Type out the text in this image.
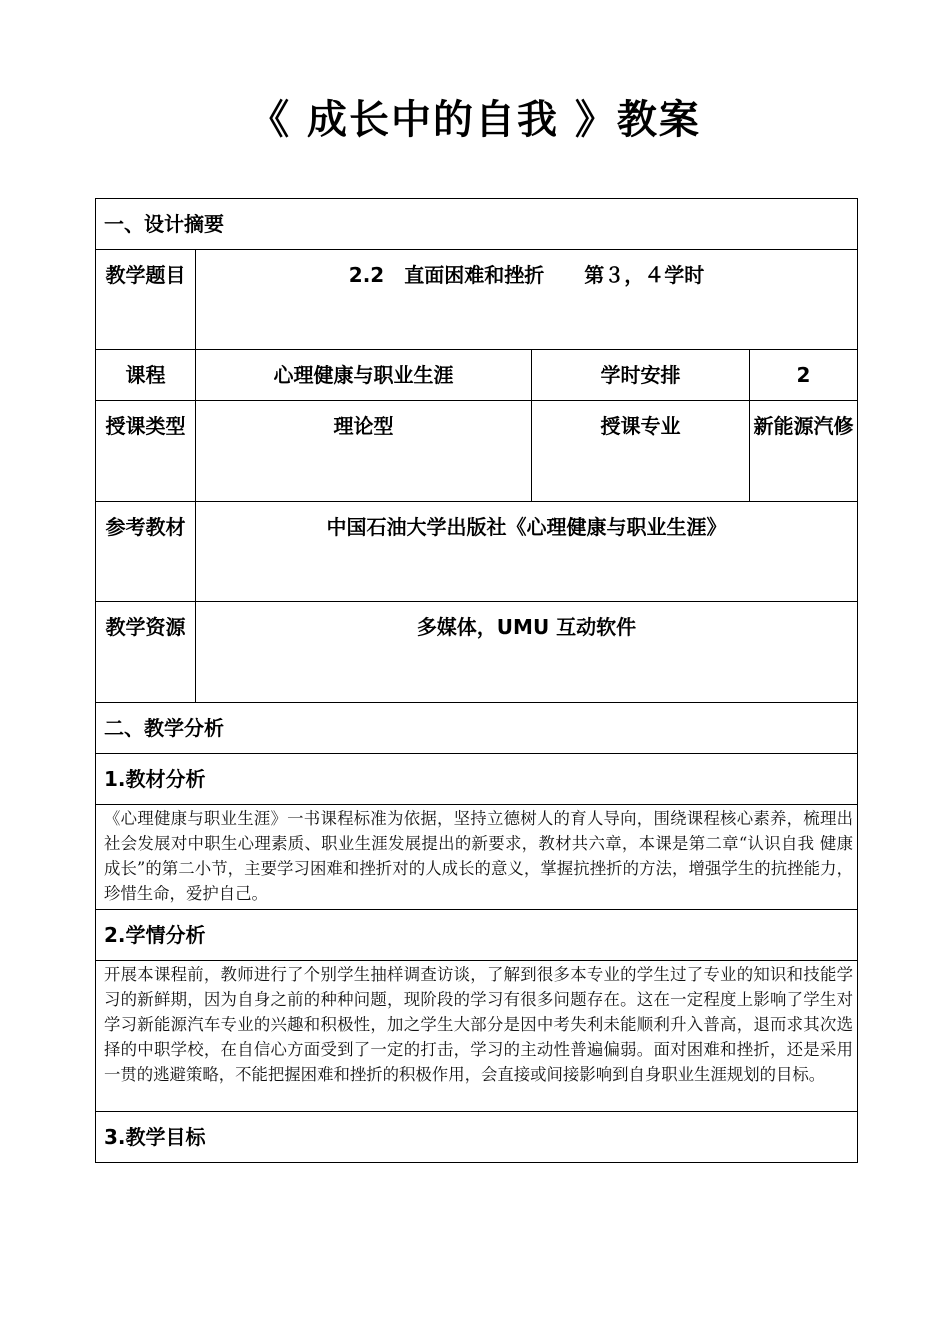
《 成长中的自我 》教案
一、设计摘要			
教学题目	2.2　直面困难和挫折　　第３，４学时		
课程	心理健康与职业生涯	学时安排	2
授课类型	理论型	授课专业	新能源汽修
参考教材	中国石油大学出版社《心理健康与职业生涯》		
教学资源	多媒体，UMU 互动软件		
二、教学分析			
1.教材分析			
《心理健康与职业生涯》一书课程标准为依据，坚持立德树人的育人导向，围绕课程核心素养，梳理出社会发展对中职生心理素质、职业生涯发展提出的新要求，教材共六章，本课是第二章“认识自我 健康成长”的第二小节，主要学习困难和挫折对的人成长的意义，掌握抗挫折的方法，增强学生的抗挫能力，珍惜生命，爱护自己。			
2.学情分析			
开展本课程前，教师进行了个别学生抽样调查访谈，了解到很多本专业的学生过了专业的知识和技能学习的新鲜期，因为自身之前的种种问题，现阶段的学习有很多问题存在。这在一定程度上影响了学生对学习新能源汽车专业的兴趣和积极性，加之学生大部分是因中考失利未能顺利升入普高，退而求其次选择的中职学校，在自信心方面受到了一定的打击，学习的主动性普遍偏弱。面对困难和挫折，还是采用一贯的逃避策略，不能把握困难和挫折的积极作用，会直接或间接影响到自身职业生涯规划的目标。			
3.教学目标			
